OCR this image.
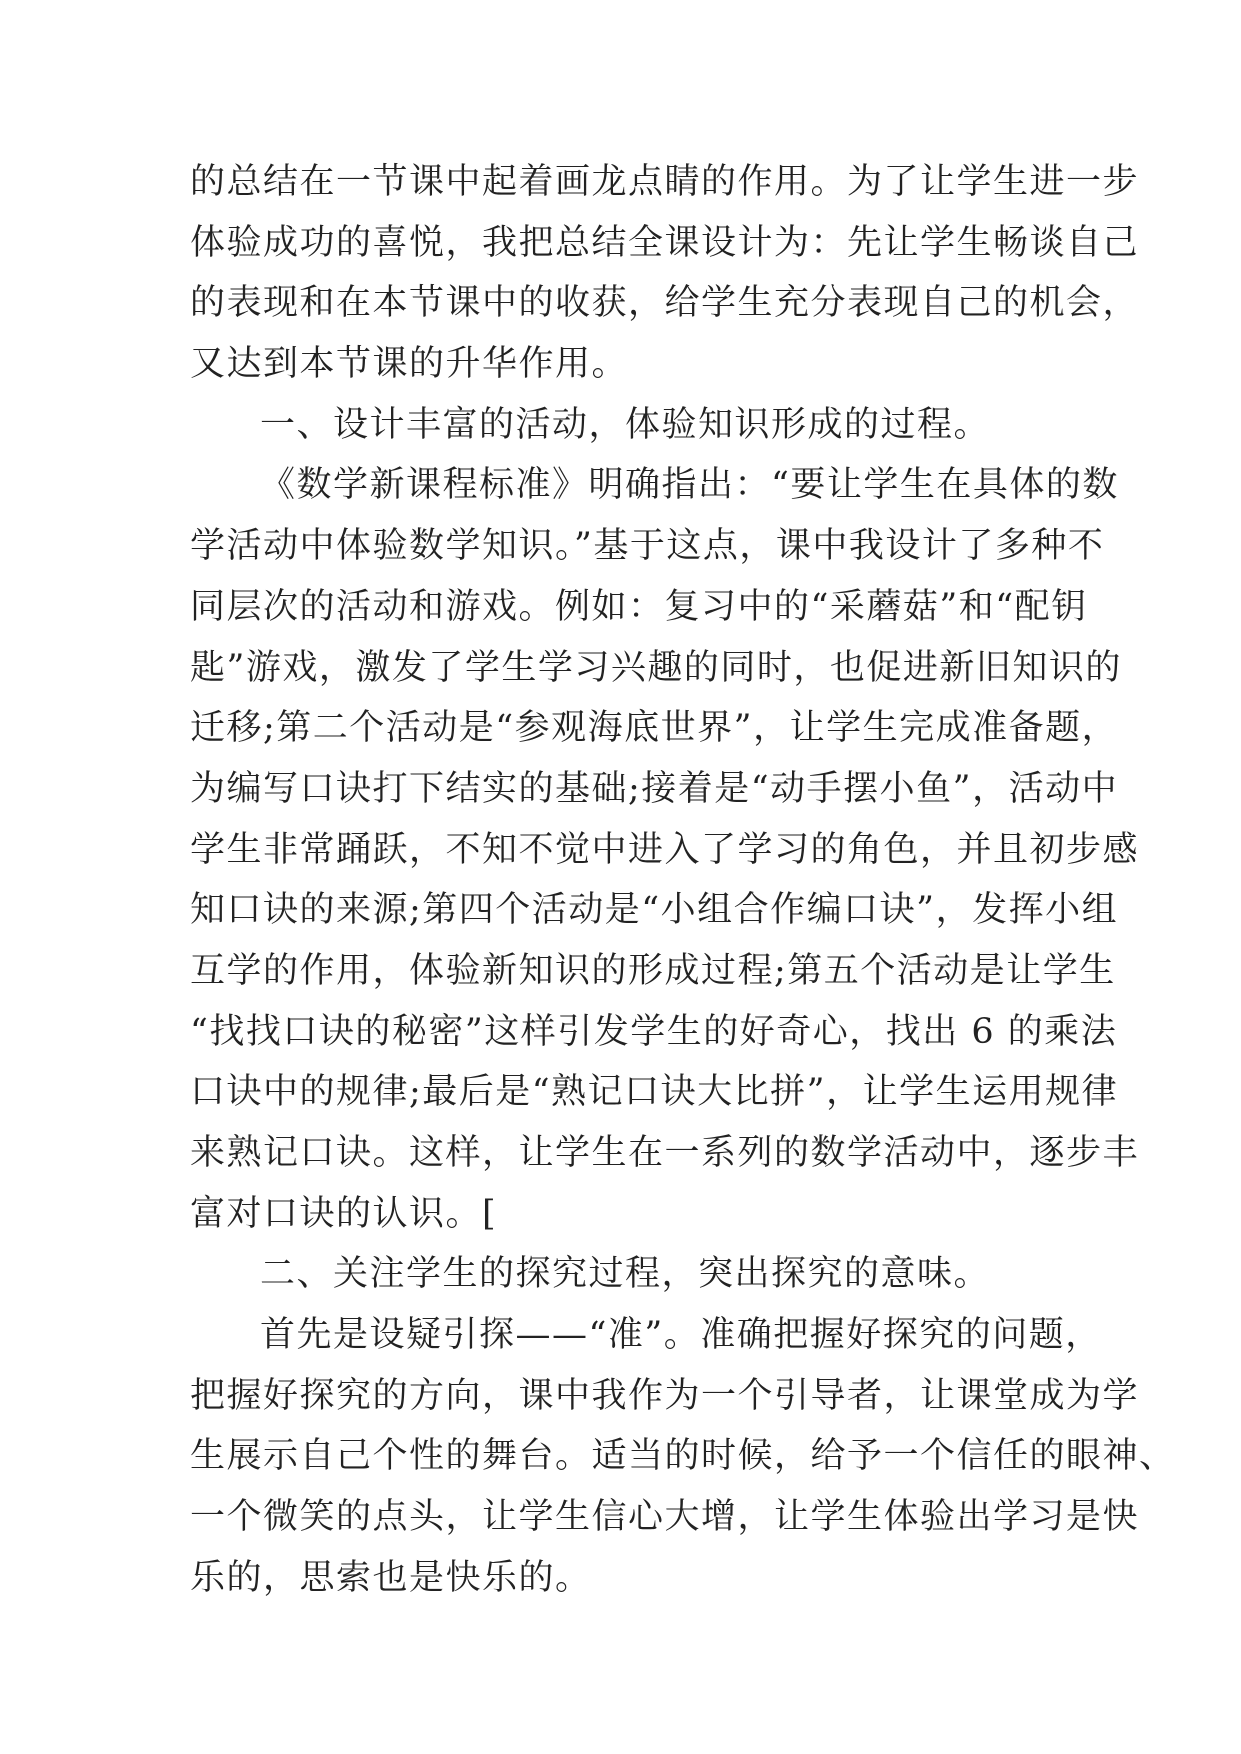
的总结在一节课中起着画龙点睛的作用。为了让学生进一步
体验成功的喜悦，我把总结全课设计为：先让学生畅谈自己
的表现和在本节课中的收获，给学生充分表现自己的机会，
又达到本节课的升华作用。
一、设计丰富的活动，体验知识形成的过程。
《数学新课程标准》明确指出：“要让学生在具体的数
学活动中体验数学知识。”基于这点，课中我设计了多种不
同层次的活动和游戏。例如：复习中的“采蘑菇”和“配钥
匙”游戏，激发了学生学习兴趣的同时，也促进新旧知识的
迁移;第二个活动是“参观海底世界”，让学生完成准备题，
为编写口诀打下结实的基础;接着是“动手摆小鱼”，活动中
学生非常踊跃，不知不觉中进入了学习的角色，并且初步感
知口诀的来源;第四个活动是“小组合作编口诀”，发挥小组
互学的作用，体验新知识的形成过程;第五个活动是让学生
“找找口诀的秘密”这样引发学生的好奇心，找出 6 的乘法
口诀中的规律;最后是“熟记口诀大比拼”，让学生运用规律
来熟记口诀。这样，让学生在一系列的数学活动中，逐步丰
富对口诀的认识。[
二、关注学生的探究过程，突出探究的意味。
首先是设疑引探——“准”。准确把握好探究的问题，
把握好探究的方向，课中我作为一个引导者，让课堂成为学
生展示自己个性的舞台。适当的时候，给予一个信任的眼神、
一个微笑的点头，让学生信心大增，让学生体验出学习是快
乐的，思索也是快乐的。
